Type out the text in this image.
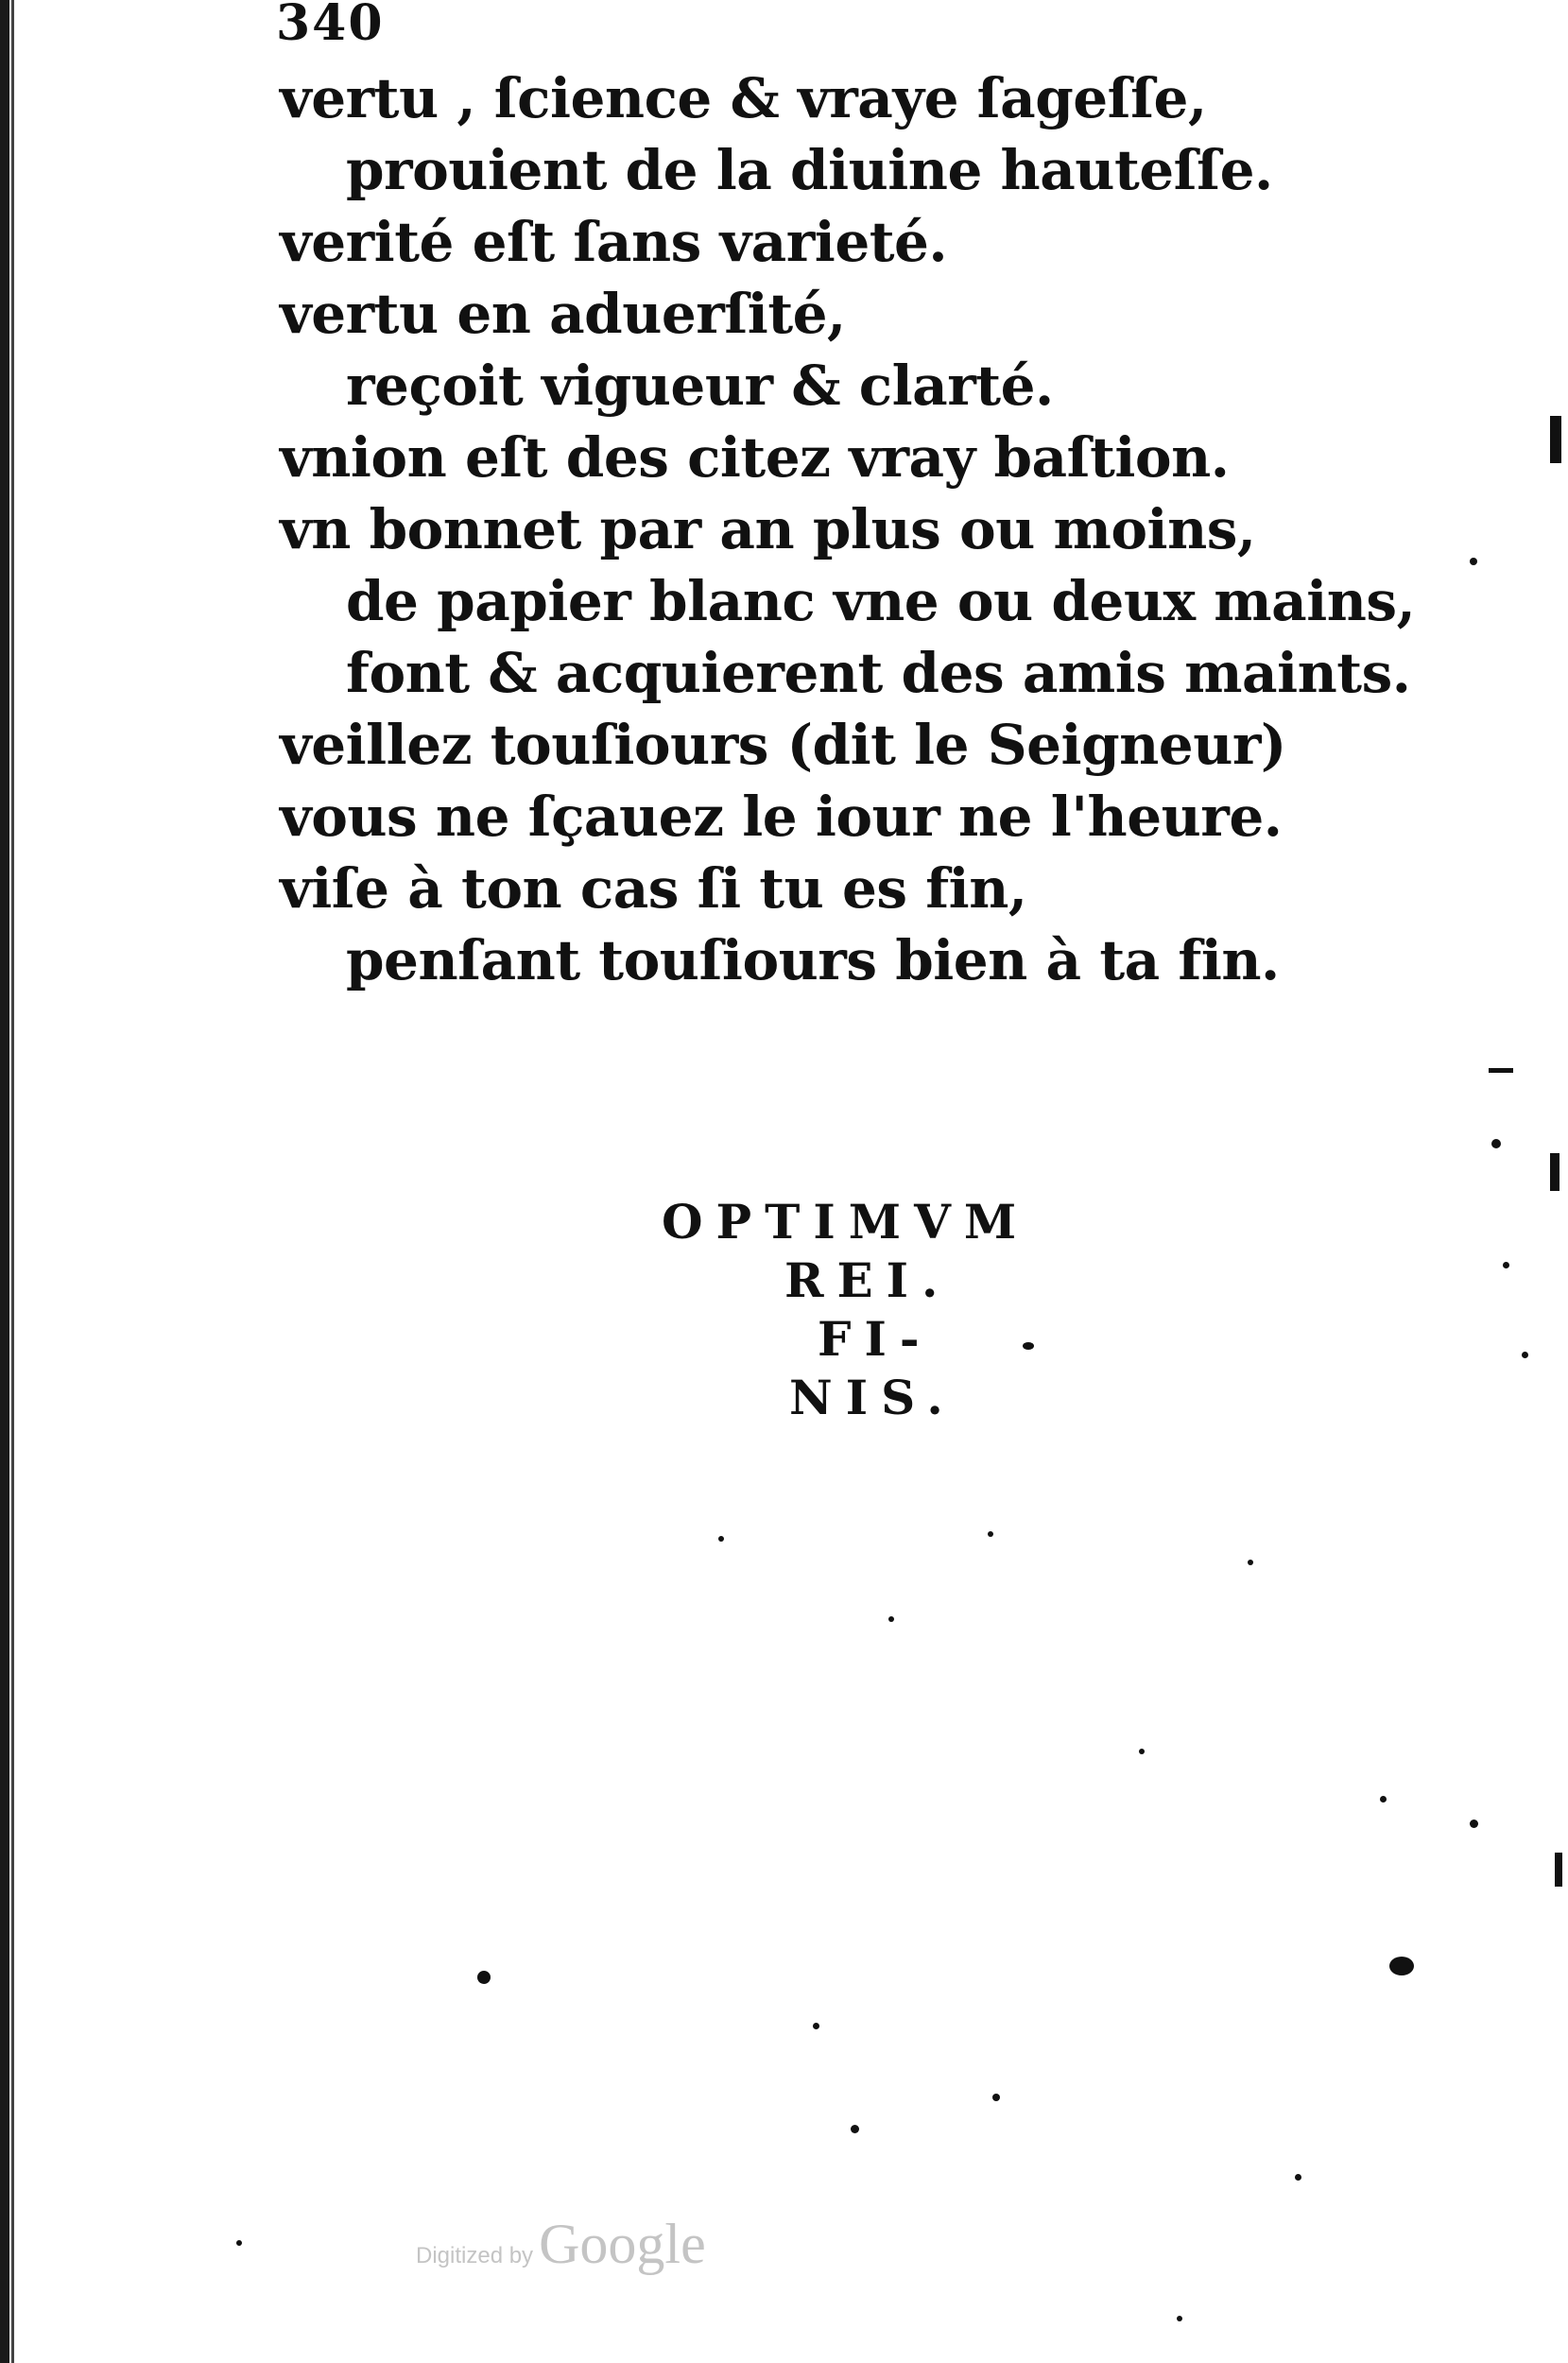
340
vertu , ſcience & vraye ſageſſe,
prouient de la diuine hauteſſe.
verité eſt ſans varieté.
vertu en aduerſité,
reçoit vigueur & clarté.
vnion eſt des citez vray baſtion.
vn bonnet par an plus ou moins,
de papier blanc vne ou deux mains,
font & acquierent des amis maints.
veillez touſiours (dit le Seigneur)
vous ne ſçauez le iour ne l'heure.
viſe à ton cas ſi tu es fin,
penſant touſiours bien à ta fin.
OPTIMVM
REI.
FI-
NIS.
Digitized by Google
